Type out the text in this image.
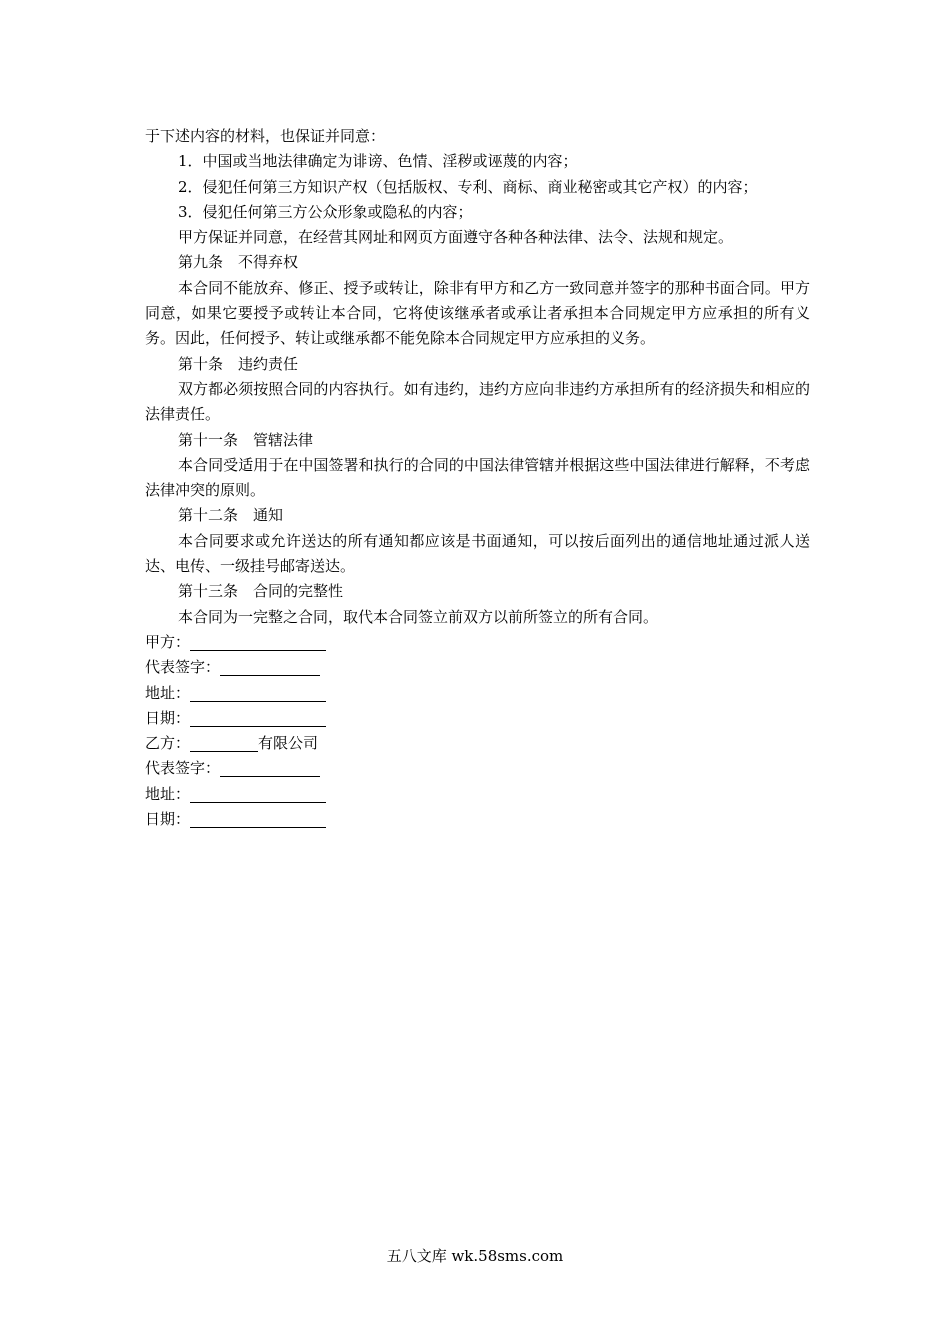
于下述内容的材料，也保证并同意：
1．中国或当地法律确定为诽谤、色情、淫秽或诬蔑的内容；
2．侵犯任何第三方知识产权（包括版权、专利、商标、商业秘密或其它产权）的内容；
3．侵犯任何第三方公众形象或隐私的内容；
甲方保证并同意，在经营其网址和网页方面遵守各种各种法律、法令、法规和规定。
第九条　不得弃权
本合同不能放弃、修正、授予或转让，除非有甲方和乙方一致同意并签字的那种书面合同。甲方同意，如果它要授予或转让本合同，它将使该继承者或承让者承担本合同规定甲方应承担的所有义务。因此，任何授予、转让或继承都不能免除本合同规定甲方应承担的义务。
第十条　违约责任
双方都必须按照合同的内容执行。如有违约，违约方应向非违约方承担所有的经济损失和相应的法律责任。
第十一条　管辖法律
本合同受适用于在中国签署和执行的合同的中国法律管辖并根据这些中国法律进行解释，不考虑法律冲突的原则。
第十二条　通知
本合同要求或允许送达的所有通知都应该是书面通知，可以按后面列出的通信地址通过派人送达、电传、一级挂号邮寄送达。
第十三条　合同的完整性
本合同为一完整之合同，取代本合同签立前双方以前所签立的所有合同。
甲方：
代表签字：
地址：
日期：
乙方：	有限公司
代表签字：
地址：
日期：
五八文库 wk.58sms.com
